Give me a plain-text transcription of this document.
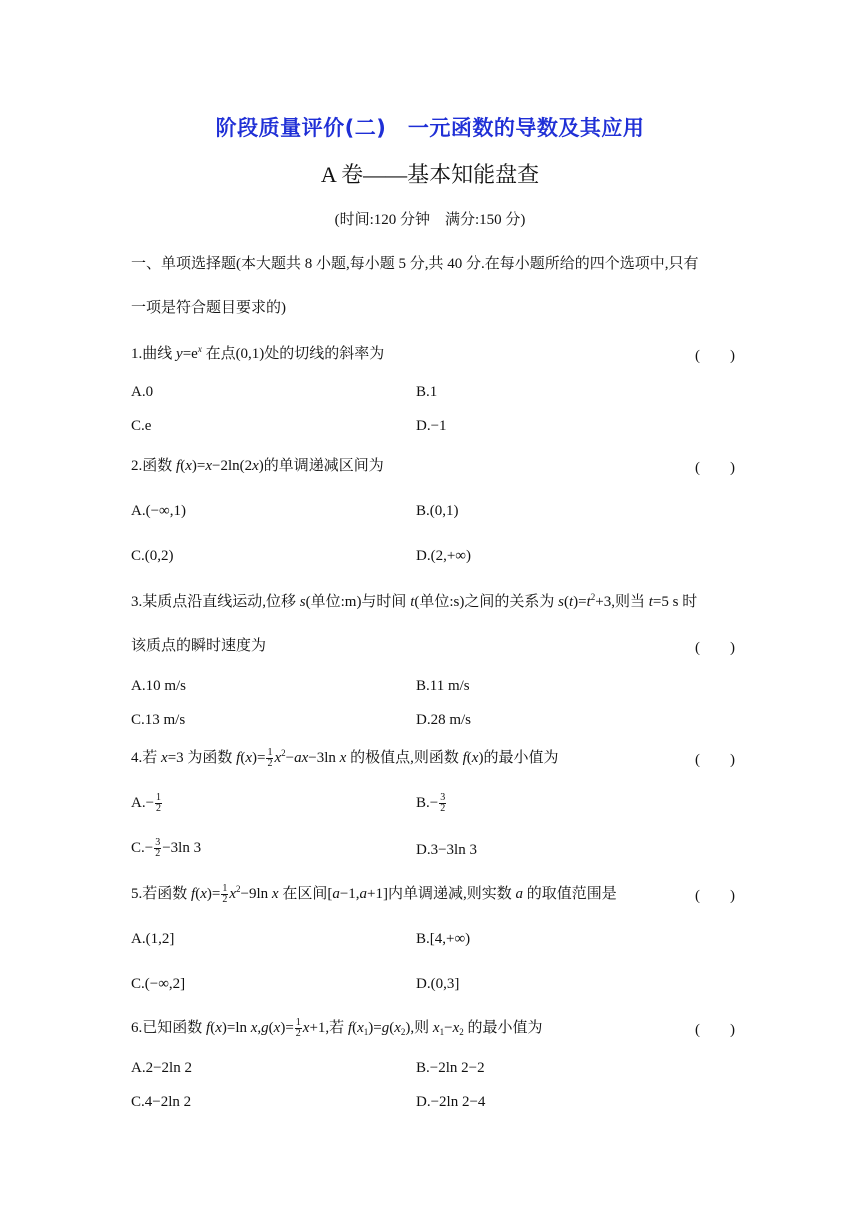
阶段质量评价(二)　一元函数的导数及其应用
A 卷——基本知能盘查
(时间:120 分钟　满分:150 分)
一、单项选择题(本大题共 8 小题,每小题 5 分,共 40 分.在每小题所给的四个选项中,只有
一项是符合题目要求的)
1.曲线 $y=e^x$ 在点(0,1)处的切线的斜率为	(　　)
A.0	B.1
C.e	D.−1
2.函数 f(x)=x−2ln(2x)的单调递减区间为	(　　)
A.(−∞,1)	B.(0,1)
C.(0,2)	D.(2,+∞)
3.某质点沿直线运动,位移 s(单位:m)与时间 t(单位:s)之间的关系为 $s(t)=t^2+3$,则当 t=5 s 时
该质点的瞬时速度为	(　　)
A.10 m/s	B.11 m/s
C.13 m/s	D.28 m/s
4.若 x=3 为函数 $f(x)= \frac{1}{2} x^2-ax-3\ln$ x 的极值点,则函数 f(x)的最小值为	(　　)
$A.- \frac{1}{2}$	$B.- \frac{3}{2}$
$C.- \frac{3}{2} -3\ln$ 3	D.3−3ln 3
5.若函数 $f(x)= \frac{1}{2} x^2-9\ln$ x 在区间[a−1,a+1]内单调递减,则实数 a 的取值范围是	(　　)
A.(1,2]	B.[4,+∞)
C.(−∞,2]	D.(0,3]
6.已知函数 f(x)=ln $x,g(x)= \frac{1}{2} x+1$,若 $f(x_1)=g(x_2)$,则 $x_1-x_2$ 的最小值为	(　　)
A.2−2ln 2	B.−2ln 2−2
C.4−2ln 2	D.−2ln 2−4
